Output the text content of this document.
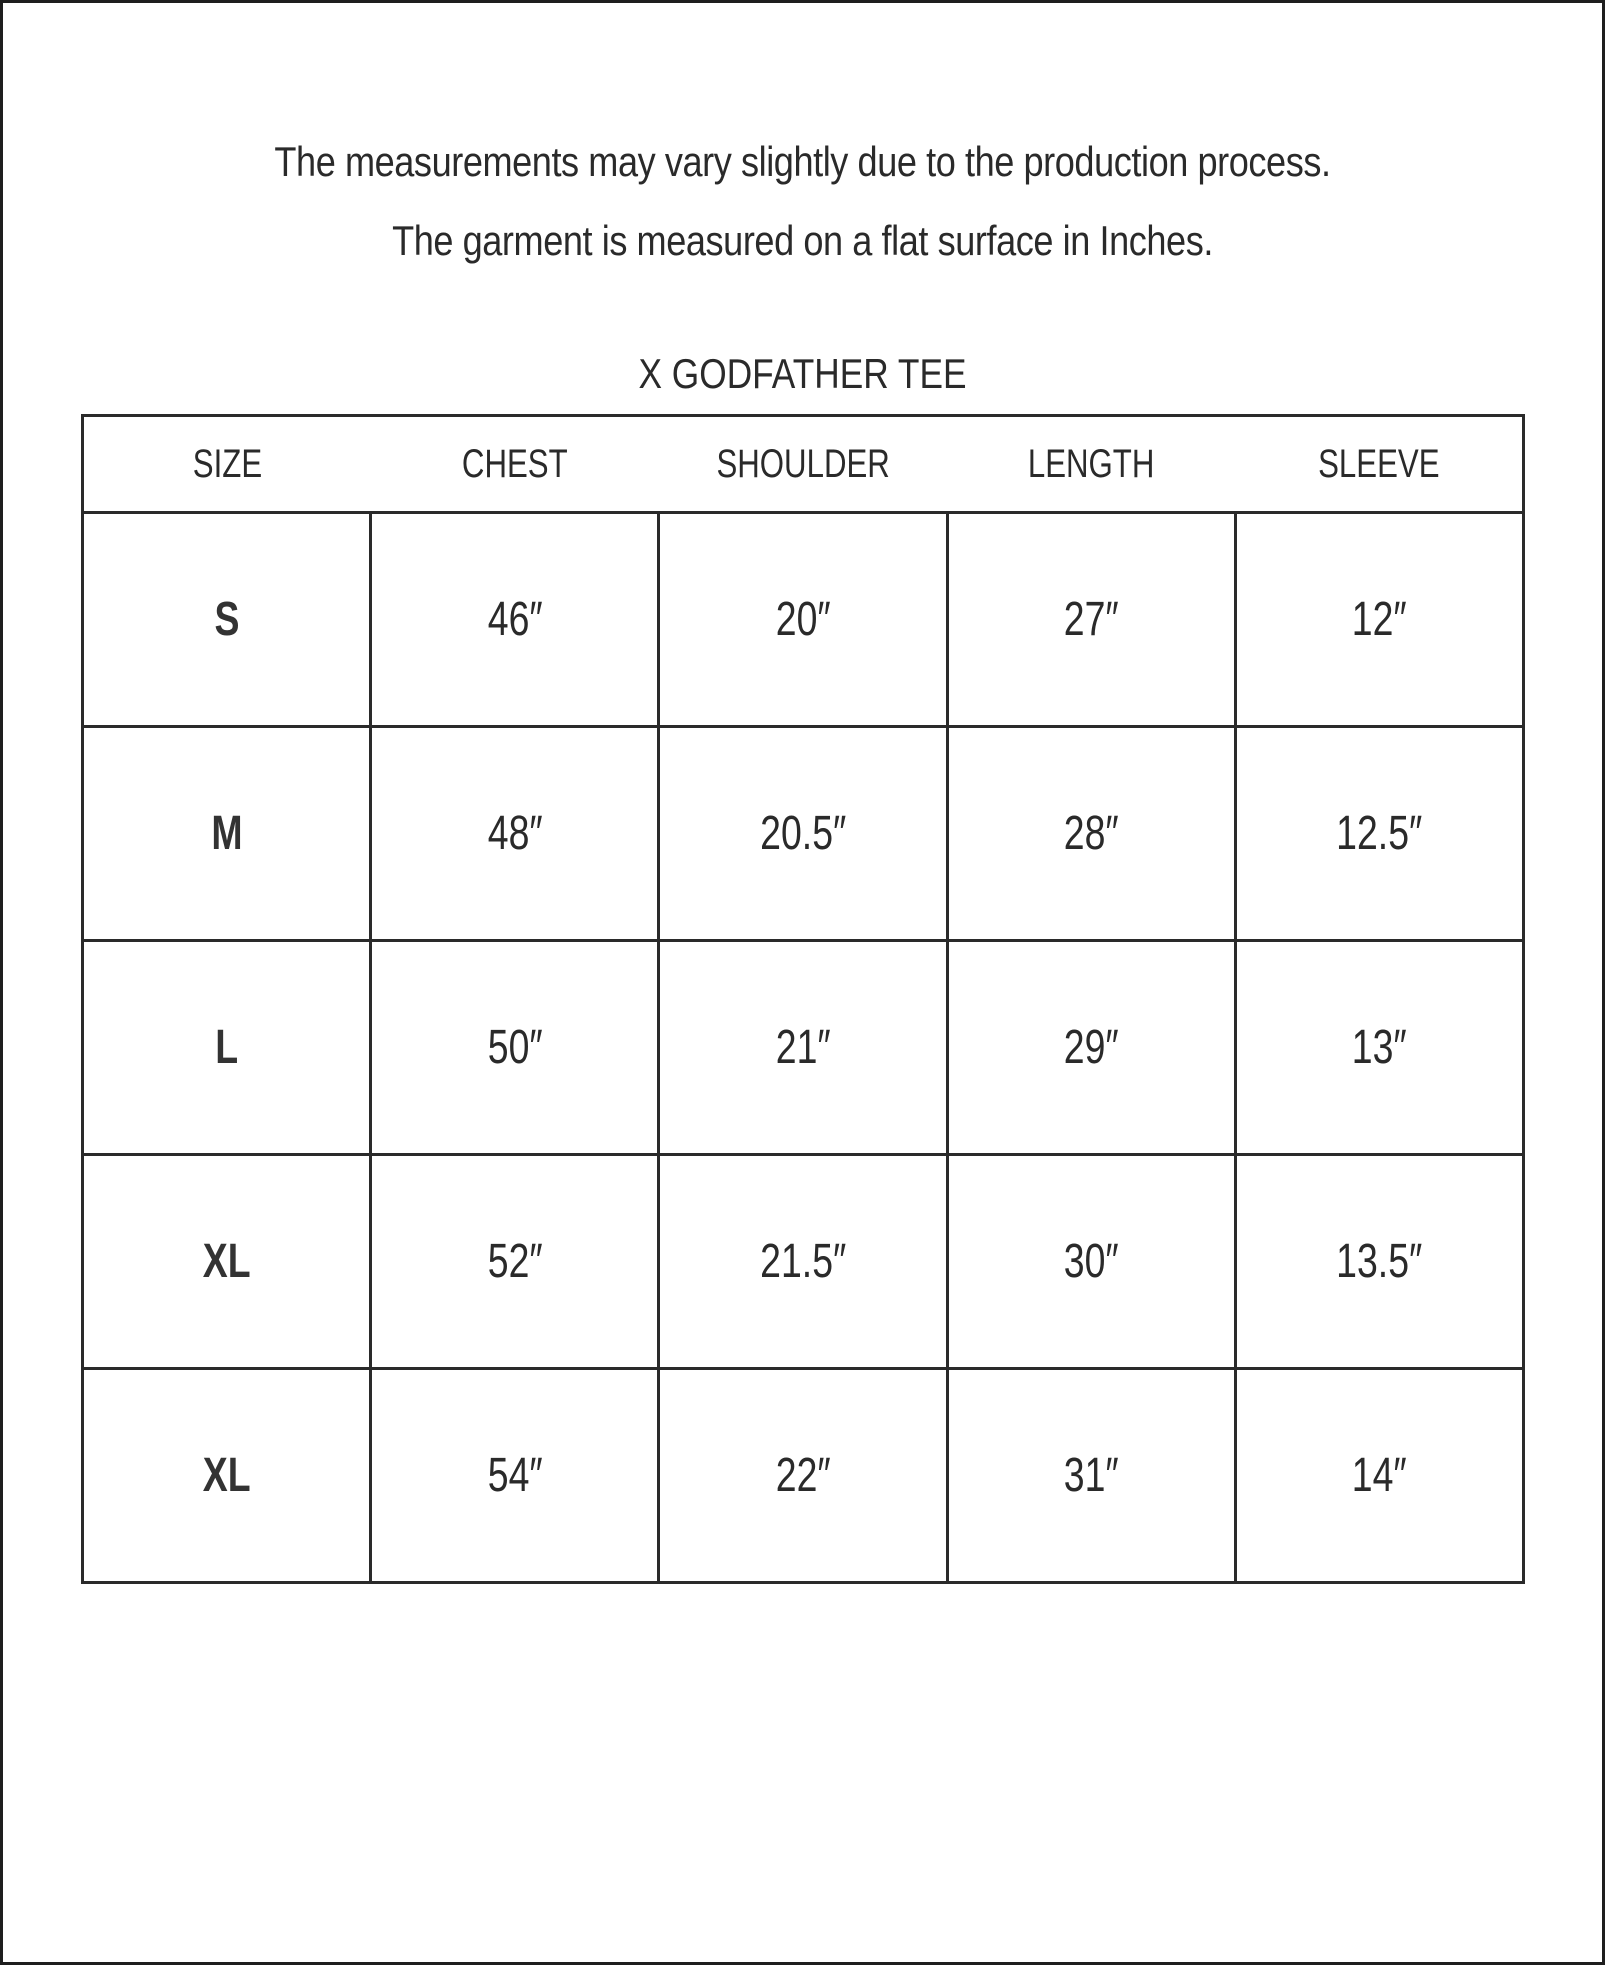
The measurements may vary slightly due to the production process.
The garment is measured on a flat surface in Inches.
X GODFATHER TEE
SIZE	CHEST	SHOULDER	LENGTH	SLEEVE
S	46″	20″	27″	12″
M	48″	20.5″	28″	12.5″
L	50″	21″	29″	13″
XL	52″	21.5″	30″	13.5″
XL	54″	22″	31″	14″
